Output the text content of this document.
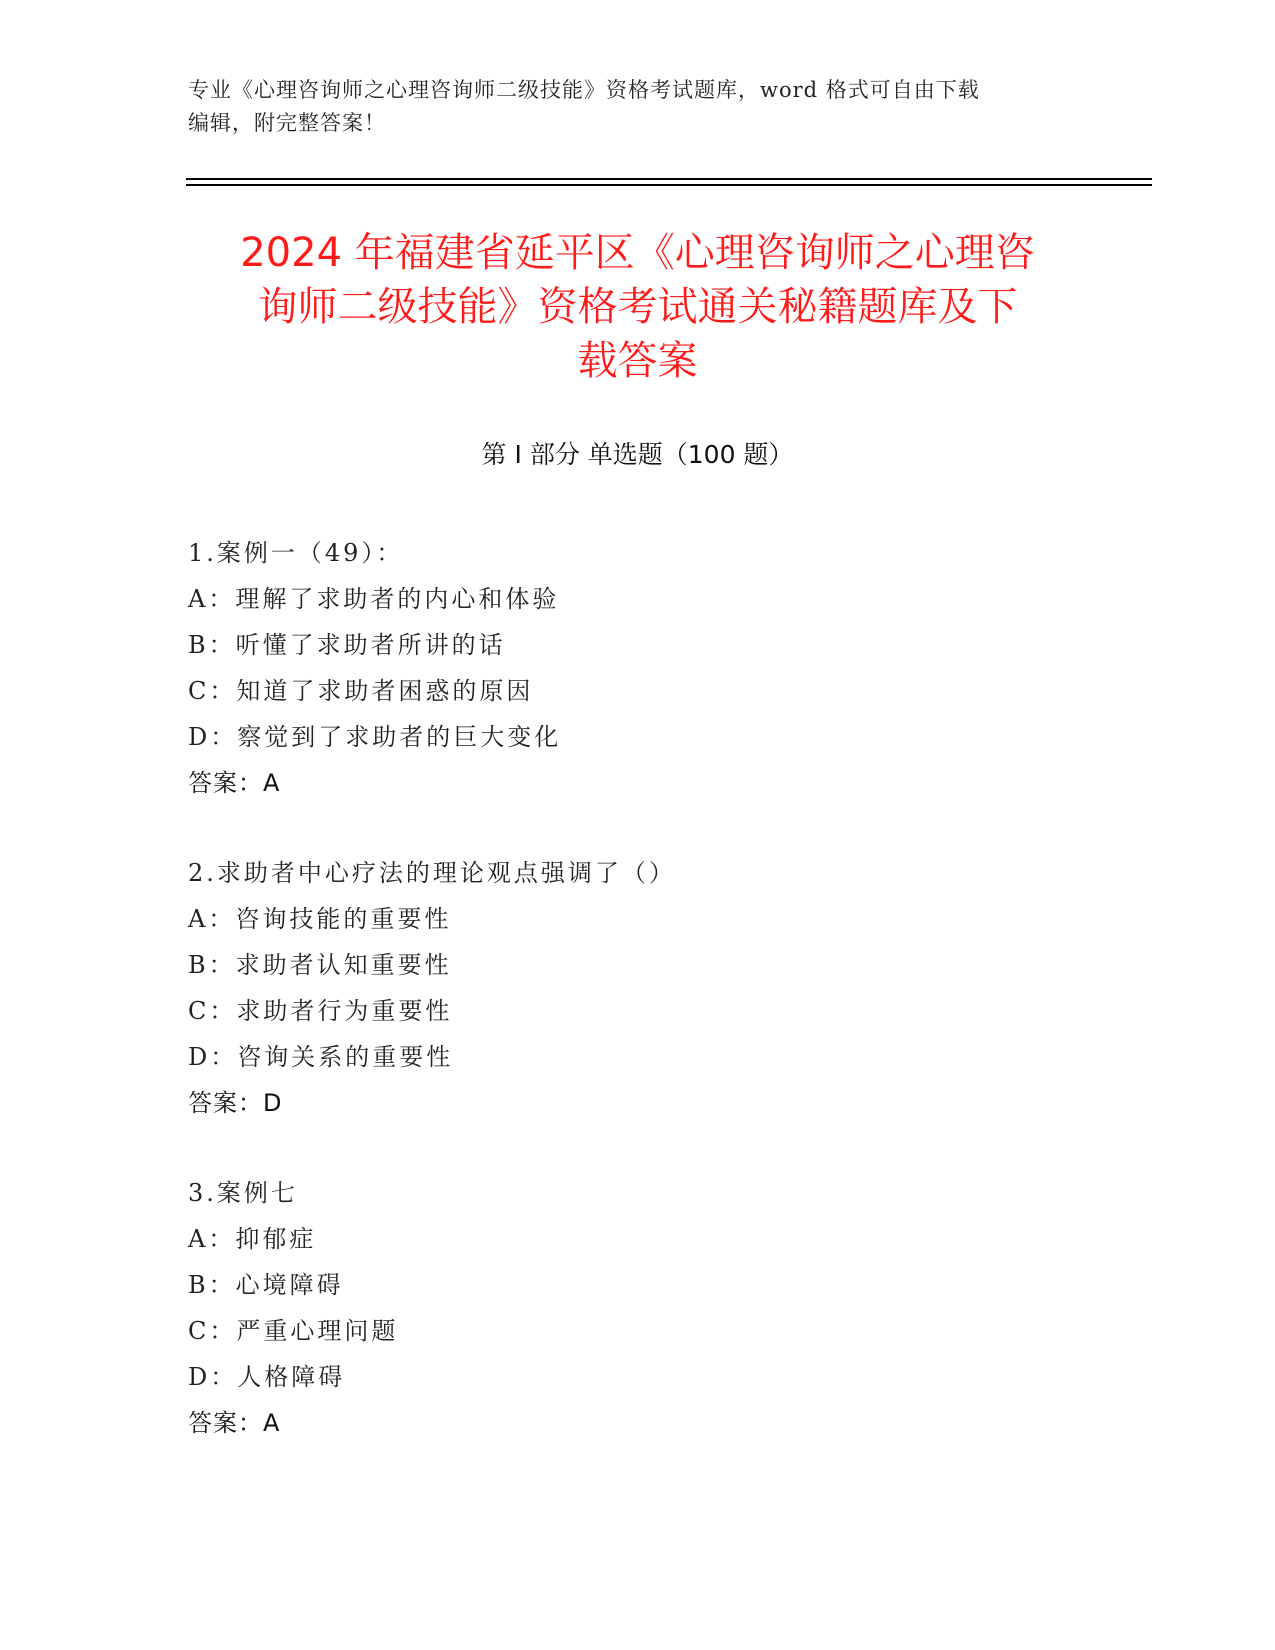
专业《心理咨询师之心理咨询师二级技能》资格考试题库，word 格式可自由下载
编辑，附完整答案！
2024 年福建省延平区《心理咨询师之心理咨
询师二级技能》资格考试通关秘籍题库及下
载答案
第 I 部分 单选题（100 题）
1.案例一（49）：
A：理解了求助者的内心和体验
B：听懂了求助者所讲的话
C：知道了求助者困惑的原因
D：察觉到了求助者的巨大变化
答案：A
2.求助者中心疗法的理论观点强调了（）
A：咨询技能的重要性
B：求助者认知重要性
C：求助者行为重要性
D：咨询关系的重要性
答案：D
3.案例七
A：抑郁症
B：心境障碍
C：严重心理问题
D：人格障碍
答案：A
